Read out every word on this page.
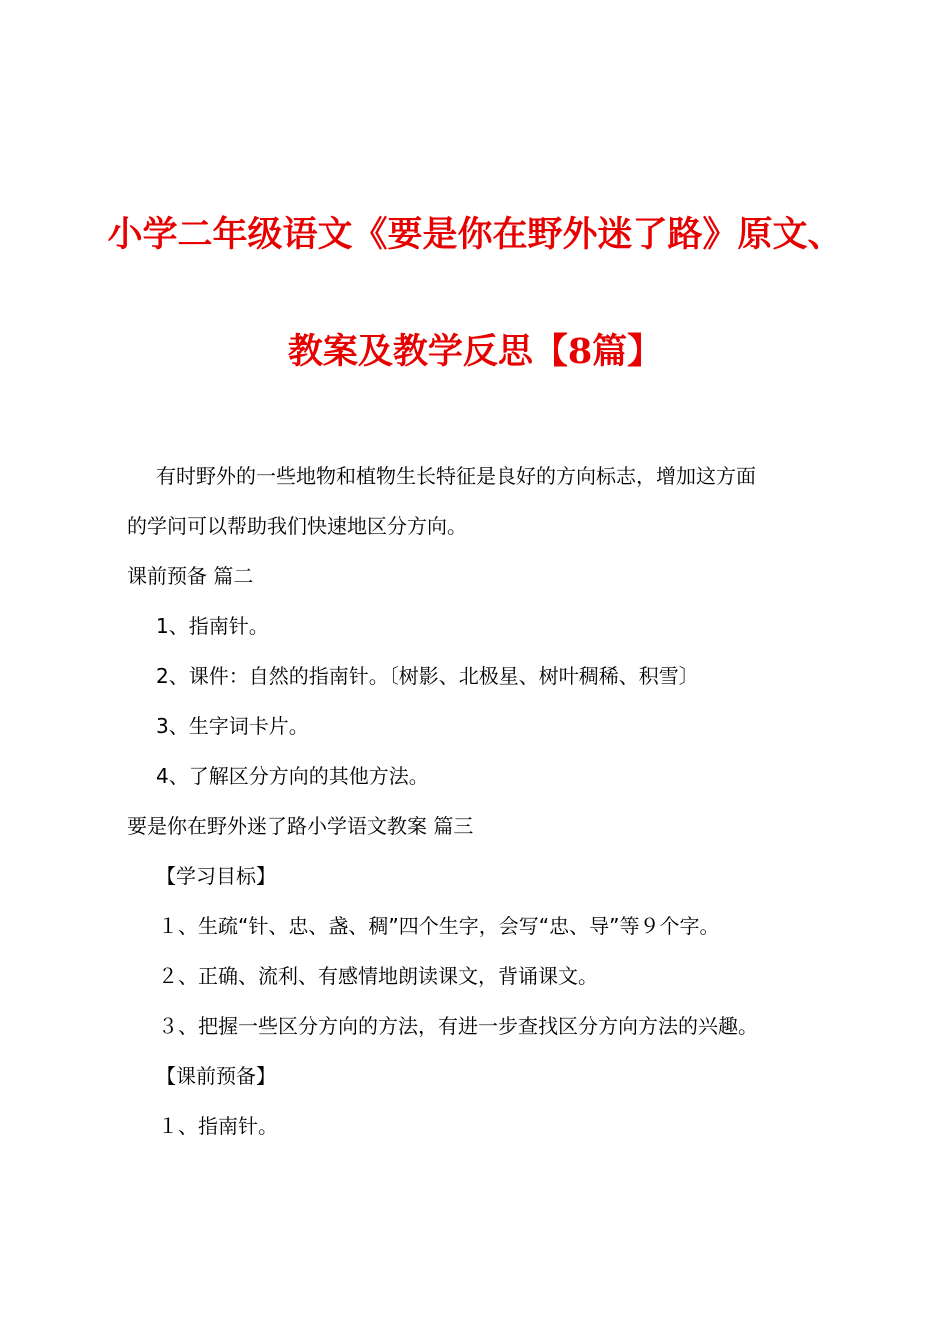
小学二年级语文《要是你在野外迷了路》原文、
教案及教学反思【8篇】
有时野外的一些地物和植物生长特征是良好的方向标志，增加这方面
的学问可以帮助我们快速地区分方向。
课前预备 篇二
1、指南针。
2、课件：自然的指南针。〔树影、北极星、树叶稠稀、积雪〕
3、生字词卡片。
4、了解区分方向的其他方法。
要是你在野外迷了路小学语文教案 篇三
【学习目标】
１、生疏“针、忠、盏、稠”四个生字，会写“忠、导”等９个字。
２、正确、流利、有感情地朗读课文，背诵课文。
３、把握一些区分方向的方法，有进一步查找区分方向方法的兴趣。
【课前预备】
１、指南针。
